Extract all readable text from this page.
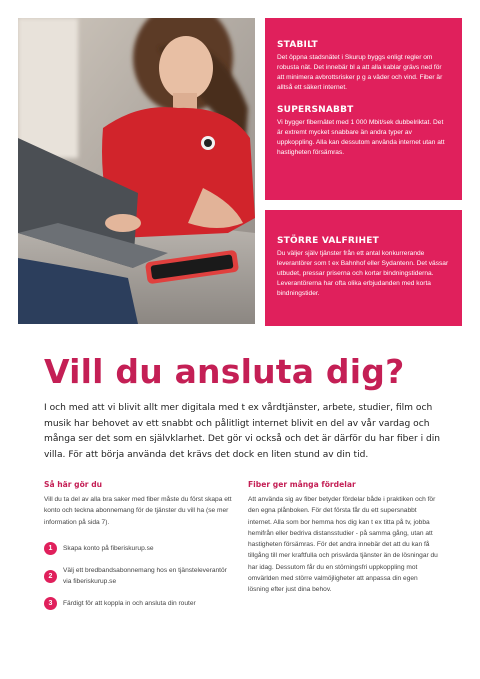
STABILT

Det öppna stadsnätet i Skurup byggs enligt regler om robusta nät. Det innebär bl a att alla kablar grävs ned för att minimera avbrottsrisker p g a väder och vind. Fiber är alltså ett säkert internet.

SUPERSNABBT

Vi bygger fibernätet med 1 000 Mbit/sek dubbelriktat. Det är extremt mycket snabbare än andra typer av uppkoppling. Alla kan dessutom använda internet utan att hastigheten försämras.

STÖRRE VALFRIHET

Du väljer själv tjänster från ett antal konkurrerande leverantörer som t ex Bahnhof eller Sydantenn. Det vässar utbudet, pressar priserna och kortar bindningstiderna. Leverantörerna har ofta olika erbjudanden med korta bindningstider.

Vill du ansluta dig?

I och med att vi blivit allt mer digitala med t ex vårdtjänster, arbete, studier, film och musik har behovet av ett snabbt och pålitligt internet blivit en del av vår vardag och många ser det som en självklarhet. Det gör vi också och det är därför du har fiber i din villa. För att börja använda det krävs det dock en liten stund av din tid.

Så här gör du

Vill du ta del av alla bra saker med fiber måste du först skapa ett konto och teckna abonnemang för de tjänster du vill ha (se mer information på sida 7).

1	Skapa konto på fiberiskurup.se
2
Välj ett bredbandsabonnemang hos en tjänsteleverantör via fiberiskurup.se
3	Färdigt för att koppla in och ansluta din router
Fiber ger många fördelar

Att använda sig av fiber betyder fördelar både i praktiken och för den egna plånboken. För det första får du ett supersnabbt internet. Alla som bor hemma hos dig kan t ex titta på tv, jobba hemifrån eller bedriva distansstudier - på samma gång, utan att hastigheten försämras. För det andra innebär det att du kan få tillgång till mer kraftfulla och prisvärda tjänster än de lösningar du har idag. Dessutom får du en störningsfri uppkoppling mot omvärlden med större valmöjligheter att anpassa din egen lösning efter just dina behov.
